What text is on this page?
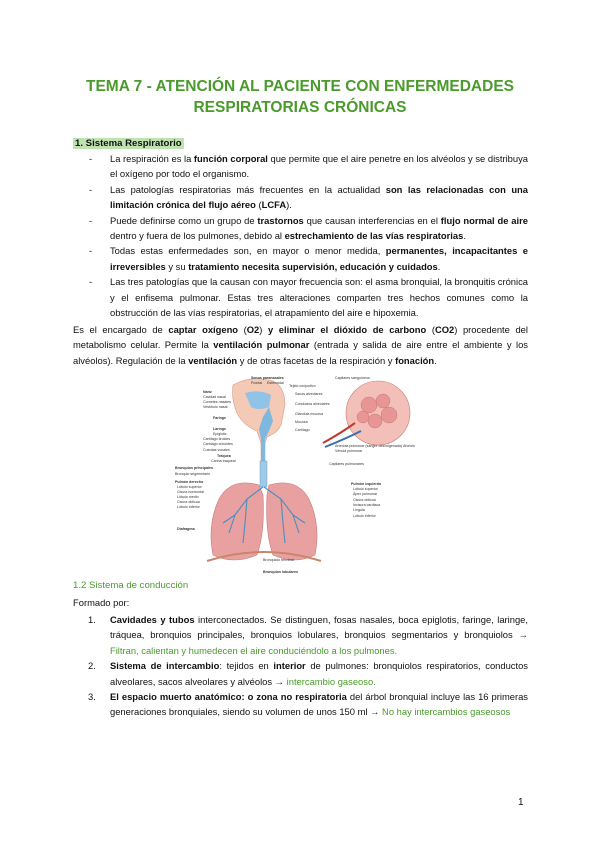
TEMA 7 - ATENCIÓN AL PACIENTE CON ENFERMEDADES
RESPIRATORIAS CRÓNICAS
1. Sistema Respiratorio
- La respiración es la función corporal que permite que el aire penetre en los alvéolos y se distribuya el oxígeno por todo el organismo.
- Las patologías respiratorias más frecuentes en la actualidad son las relacionadas con una limitación crónica del flujo aéreo (LCFA).
- Puede definirse como un grupo de trastornos que causan interferencias en el flujo normal de aire dentro y fuera de los pulmones, debido al estrechamiento de las vías respiratorias.
- Todas estas enfermedades son, en mayor o menor medida, permanentes, incapacitantes e irreversibles y su tratamiento necesita supervisión, educación y cuidados.
- Las tres patologías que la causan con mayor frecuencia son: el asma bronquial, la bronquitis crónica y el enfisema pulmonar. Estas tres alteraciones comparten tres hechos comunes como la obstrucción de las vías respiratorias, el atrapamiento del aire e hipoxemia.
Es el encargado de captar oxígeno (O2) y eliminar el dióxido de carbono (CO2) procedente del metabolismo celular. Permite la ventilación pulmonar (entrada y salida de aire entre el ambiente y los alvéolos). Regulación de la ventilación y de otras facetas de la respiración y fonación.
Senos paranasales
Frontal Esfenoidal
Nariz
Cavidad nasal
Cornetes nasales
Vestíbulo nasal
Faringe
Laringe
Epiglotis
Cartílago tiroides
Cartílago cricoides
Cuerdas vocales
Tráquea
Carina traqueal
Bronquios principales
Bronquio segmentario
Pulmón derecho
Lóbulo superior
Cisura horizontal
Lóbulo medio
Cisura oblicua
Lóbulo inferior
Diafragma
Tejido conjuntivo
Sacos alveolares
Conductos alveolares
Glándula mucosa
Mucosa
Cartílago
Capilares sanguíneos
Arteriola pulmonar (sangre desoxigenada)
Vénula pulmonar
Alvéolo
Capilares pulmonares
Pulmón izquierdo
Lóbulo superior
Ápex pulmonar
Cisura oblicua
Incisura cardiaca
Língula
Lóbulo inferior
Bronquiolo terminal
Bronquios lobulares
1.2 Sistema de conducción
Formado por:
1. Cavidades y tubos interconectados. Se distinguen, fosas nasales, boca epiglotis, faringe, laringe, tráquea, bronquios principales, bronquios lobulares, bronquios segmentarios y bronquiolos → Filtran, calientan y humedecen el aire conduciéndolo a los pulmones.
2. Sistema de intercambio: tejidos en interior de pulmones: bronquiolos respiratorios, conductos alveolares, sacos alveolares y alvéolos → intercambio gaseoso.
3. El espacio muerto anatómico: o zona no respiratoria del árbol bronquial incluye las 16 primeras generaciones bronquiales, siendo su volumen de unos 150 ml → No hay intercambios gaseosos
1
